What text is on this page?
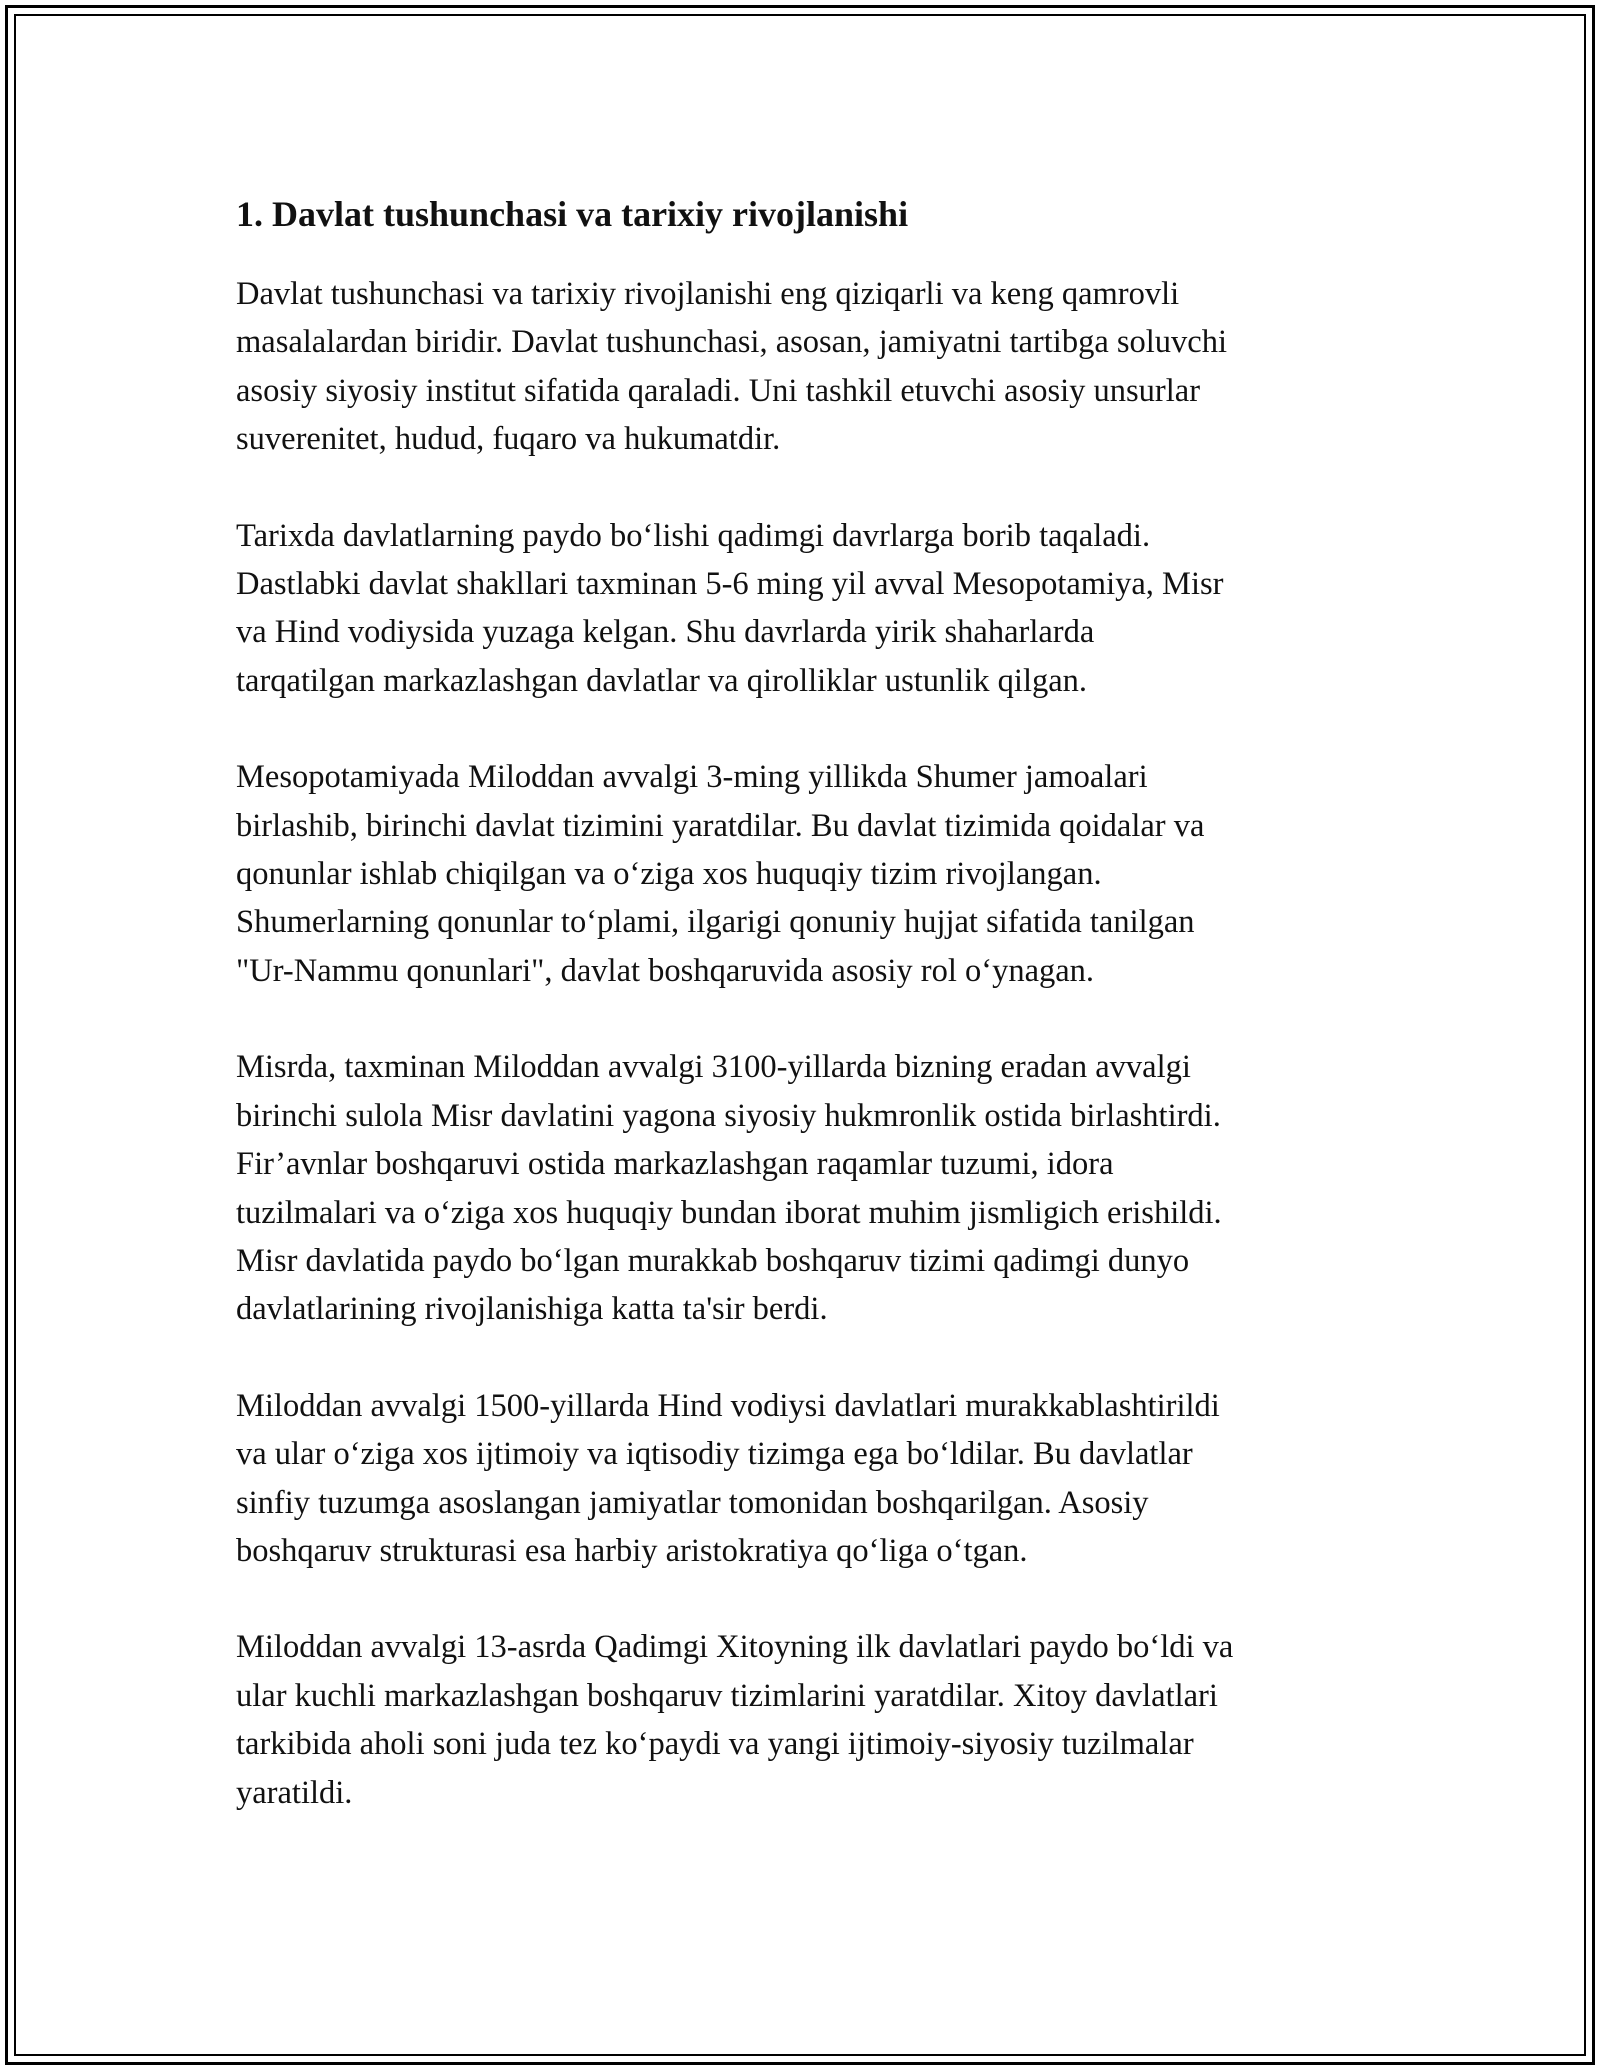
1. Davlat tushunchasi va tarixiy rivojlanishi

Davlat tushunchasi va tarixiy rivojlanishi eng qiziqarli va keng qamrovli
masalalardan biridir. Davlat tushunchasi, asosan, jamiyatni tartibga soluvchi
asosiy siyosiy institut sifatida qaraladi. Uni tashkil etuvchi asosiy unsurlar
suverenitet, hudud, fuqaro va hukumatdir.

Tarixda davlatlarning paydo bo‘lishi qadimgi davrlarga borib taqaladi.
Dastlabki davlat shakllari taxminan 5-6 ming yil avval Mesopotamiya, Misr
va Hind vodiysida yuzaga kelgan. Shu davrlarda yirik shaharlarda
tarqatilgan markazlashgan davlatlar va qirolliklar ustunlik qilgan.

Mesopotamiyada Miloddan avvalgi 3-ming yillikda Shumer jamoalari
birlashib, birinchi davlat tizimini yaratdilar. Bu davlat tizimida qoidalar va
qonunlar ishlab chiqilgan va o‘ziga xos huquqiy tizim rivojlangan.
Shumerlarning qonunlar to‘plami, ilgarigi qonuniy hujjat sifatida tanilgan
"Ur-Nammu qonunlari", davlat boshqaruvida asosiy rol o‘ynagan.

Misrda, taxminan Miloddan avvalgi 3100-yillarda bizning eradan avvalgi
birinchi sulola Misr davlatini yagona siyosiy hukmronlik ostida birlashtirdi.
Fir’avnlar boshqaruvi ostida markazlashgan raqamlar tuzumi, idora
tuzilmalari va o‘ziga xos huquqiy bundan iborat muhim jismligich erishildi.
Misr davlatida paydo bo‘lgan murakkab boshqaruv tizimi qadimgi dunyo
davlatlarining rivojlanishiga katta ta'sir berdi.

Miloddan avvalgi 1500-yillarda Hind vodiysi davlatlari murakkablashtirildi
va ular o‘ziga xos ijtimoiy va iqtisodiy tizimga ega bo‘ldilar. Bu davlatlar
sinfiy tuzumga asoslangan jamiyatlar tomonidan boshqarilgan. Asosiy
boshqaruv strukturasi esa harbiy aristokratiya qo‘liga o‘tgan.

Miloddan avvalgi 13-asrda Qadimgi Xitoyning ilk davlatlari paydo bo‘ldi va
ular kuchli markazlashgan boshqaruv tizimlarini yaratdilar. Xitoy davlatlari
tarkibida aholi soni juda tez ko‘paydi va yangi ijtimoiy-siyosiy tuzilmalar
yaratildi.
